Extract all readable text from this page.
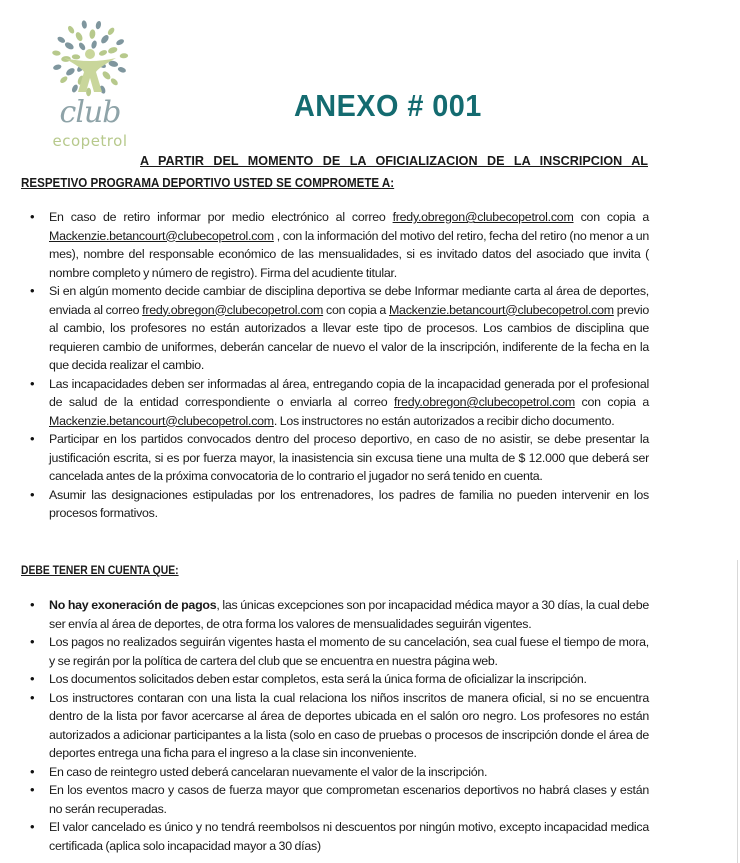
club
ecopetrol
ANEXO # 001
A PARTIR DEL MOMENTO DE LA OFICIALIZACION DE LA INSCRIPCION AL
RESPETIVO PROGRAMA DEPORTIVO USTED SE COMPROMETE A:
• En caso de retiro informar por medio electrónico al correo fredy.obregon@clubecopetrol.com con copia a Mackenzie.betancourt@clubecopetrol.com , con la información del motivo del retiro, fecha del retiro (no menor a un mes), nombre del responsable económico de las mensualidades, si es invitado datos del asociado que invita ( nombre completo y número de registro). Firma del acudiente titular.
• Si en algún momento decide cambiar de disciplina deportiva se debe Informar mediante carta al área de deportes, enviada al correo fredy.obregon@clubecopetrol.com con copia a Mackenzie.betancourt@clubecopetrol.com previo al cambio, los profesores no están autorizados a llevar este tipo de procesos. Los cambios de disciplina que requieren cambio de uniformes, deberán cancelar de nuevo el valor de la inscripción, indiferente de la fecha en la que decida realizar el cambio.
• Las incapacidades deben ser informadas al área, entregando copia de la incapacidad generada por el profesional de salud de la entidad correspondiente o enviarla al correo fredy.obregon@clubecopetrol.com con copia a Mackenzie.betancourt@clubecopetrol.com. Los instructores no están autorizados a recibir dicho documento.
• Participar en los partidos convocados dentro del proceso deportivo, en caso de no asistir, se debe presentar la justificación escrita, si es por fuerza mayor, la inasistencia sin excusa tiene una multa de $ 12.000 que deberá ser cancelada antes de la próxima convocatoria de lo contrario el jugador no será tenido en cuenta.
• Asumir las designaciones estipuladas por los entrenadores, los padres de familia no pueden intervenir en los procesos formativos.
DEBE TENER EN CUENTA QUE:
• No hay exoneración de pagos, las únicas excepciones son por incapacidad médica mayor a 30 días, la cual debe ser envía al área de deportes, de otra forma los valores de mensualidades seguirán vigentes.
• Los pagos no realizados seguirán vigentes hasta el momento de su cancelación, sea cual fuese el tiempo de mora, y se regirán por la política de cartera del club que se encuentra en nuestra página web.
• Los documentos solicitados deben estar completos, esta será la única forma de oficializar la inscripción.
• Los instructores contaran con una lista la cual relaciona los niños inscritos de manera oficial, si no se encuentra dentro de la lista por favor acercarse al área de deportes ubicada en el salón oro negro. Los profesores no están autorizados a adicionar participantes a la lista (solo en caso de pruebas o procesos de inscripción donde el área de deportes entrega una ficha para el ingreso a la clase sin inconveniente.
• En caso de reintegro usted deberá cancelaran nuevamente el valor de la inscripción.
• En los eventos macro y casos de fuerza mayor que comprometan escenarios deportivos no habrá clases y están no serán recuperadas.
• El valor cancelado es único y no tendrá reembolsos ni descuentos por ningún motivo, excepto incapacidad medica certificada (aplica solo incapacidad mayor a 30 días)
